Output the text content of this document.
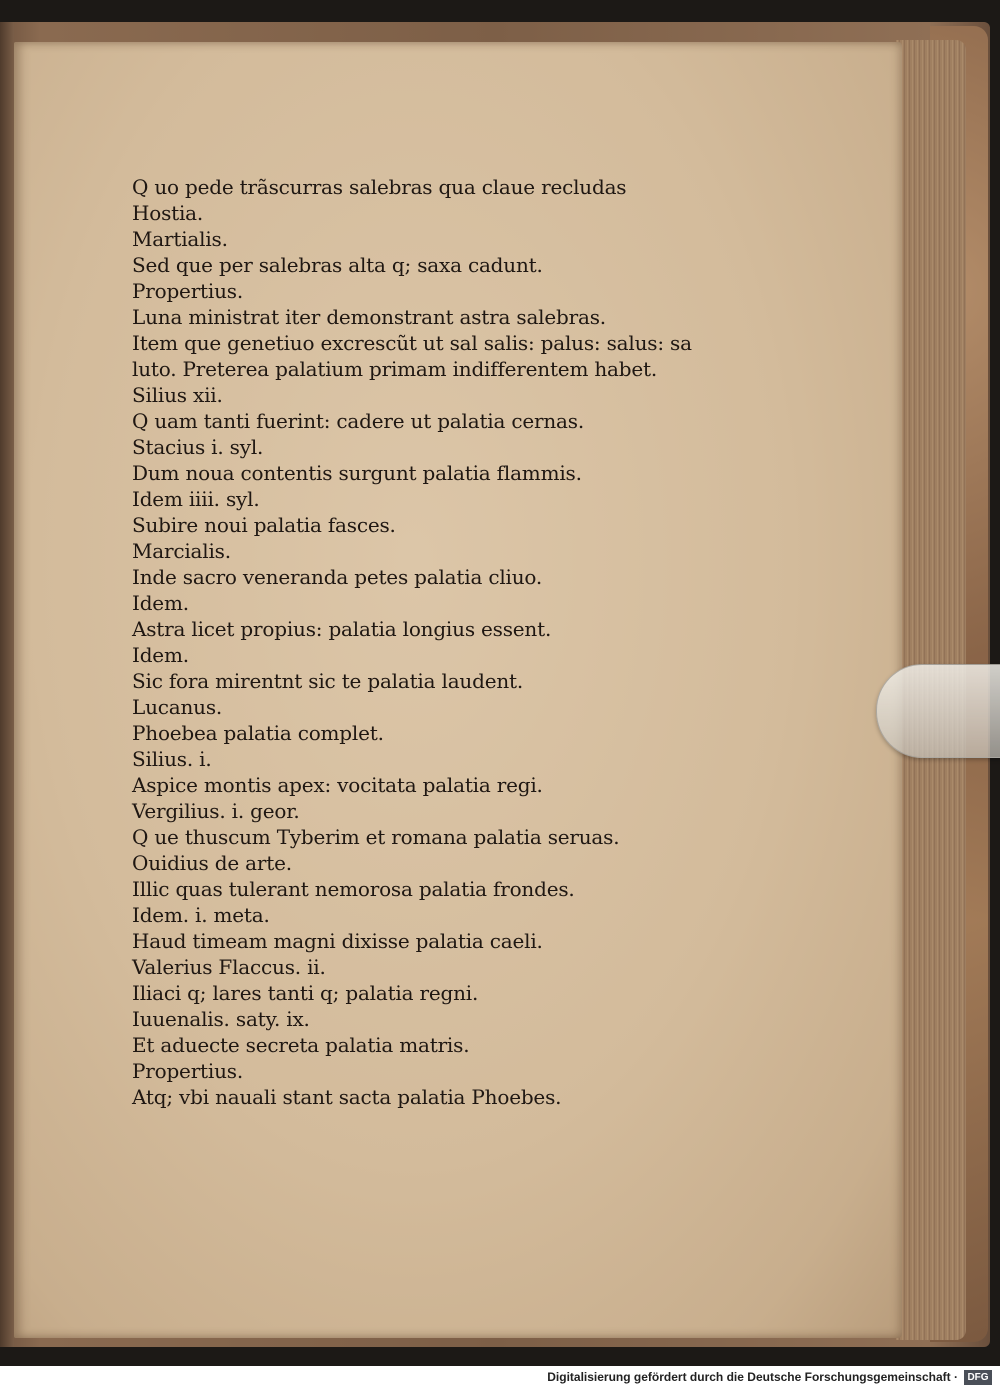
Q uo pede trãscurras salebras qua claue recludas
Hostia.
Martialis.
Sed que per salebras alta q; saxa cadunt.
Propertius.
Luna ministrat iter demonstrant astra salebras.
Item que genetiuo excrescũt ut sal salis: palus: salus: sa
luto. Preterea palatium primam indifferentem habet.
Silius xii.
Q uam tanti fuerint: cadere ut palatia cernas.
Stacius i. syl.
Dum noua contentis surgunt palatia flammis.
Idem iiii. syl.
Subire noui palatia fasces.
Marcialis.
Inde sacro veneranda petes palatia cliuo.
Idem.
Astra licet propius: palatia longius essent.
Idem.
Sic fora mirentnt sic te palatia laudent.
Lucanus.
Phoebea palatia complet.
Silius. i.
Aspice montis apex: vocitata palatia regi.
Vergilius. i. geor.
Q ue thuscum Tyberim et romana palatia seruas.
Ouidius de arte.
Illic quas tulerant nemorosa palatia frondes.
Idem. i. meta.
Haud timeam magni dixisse palatia caeli.
Valerius Flaccus. ii.
Iliaci q; lares tanti q; palatia regni.
Iuuenalis. saty. ix.
Et aduecte secreta palatia matris.
Propertius.
Atq; vbi nauali stant sacta palatia Phoebes.
Digitalisierung gefördert durch die Deutsche Forschungsgemeinschaft · DFG
